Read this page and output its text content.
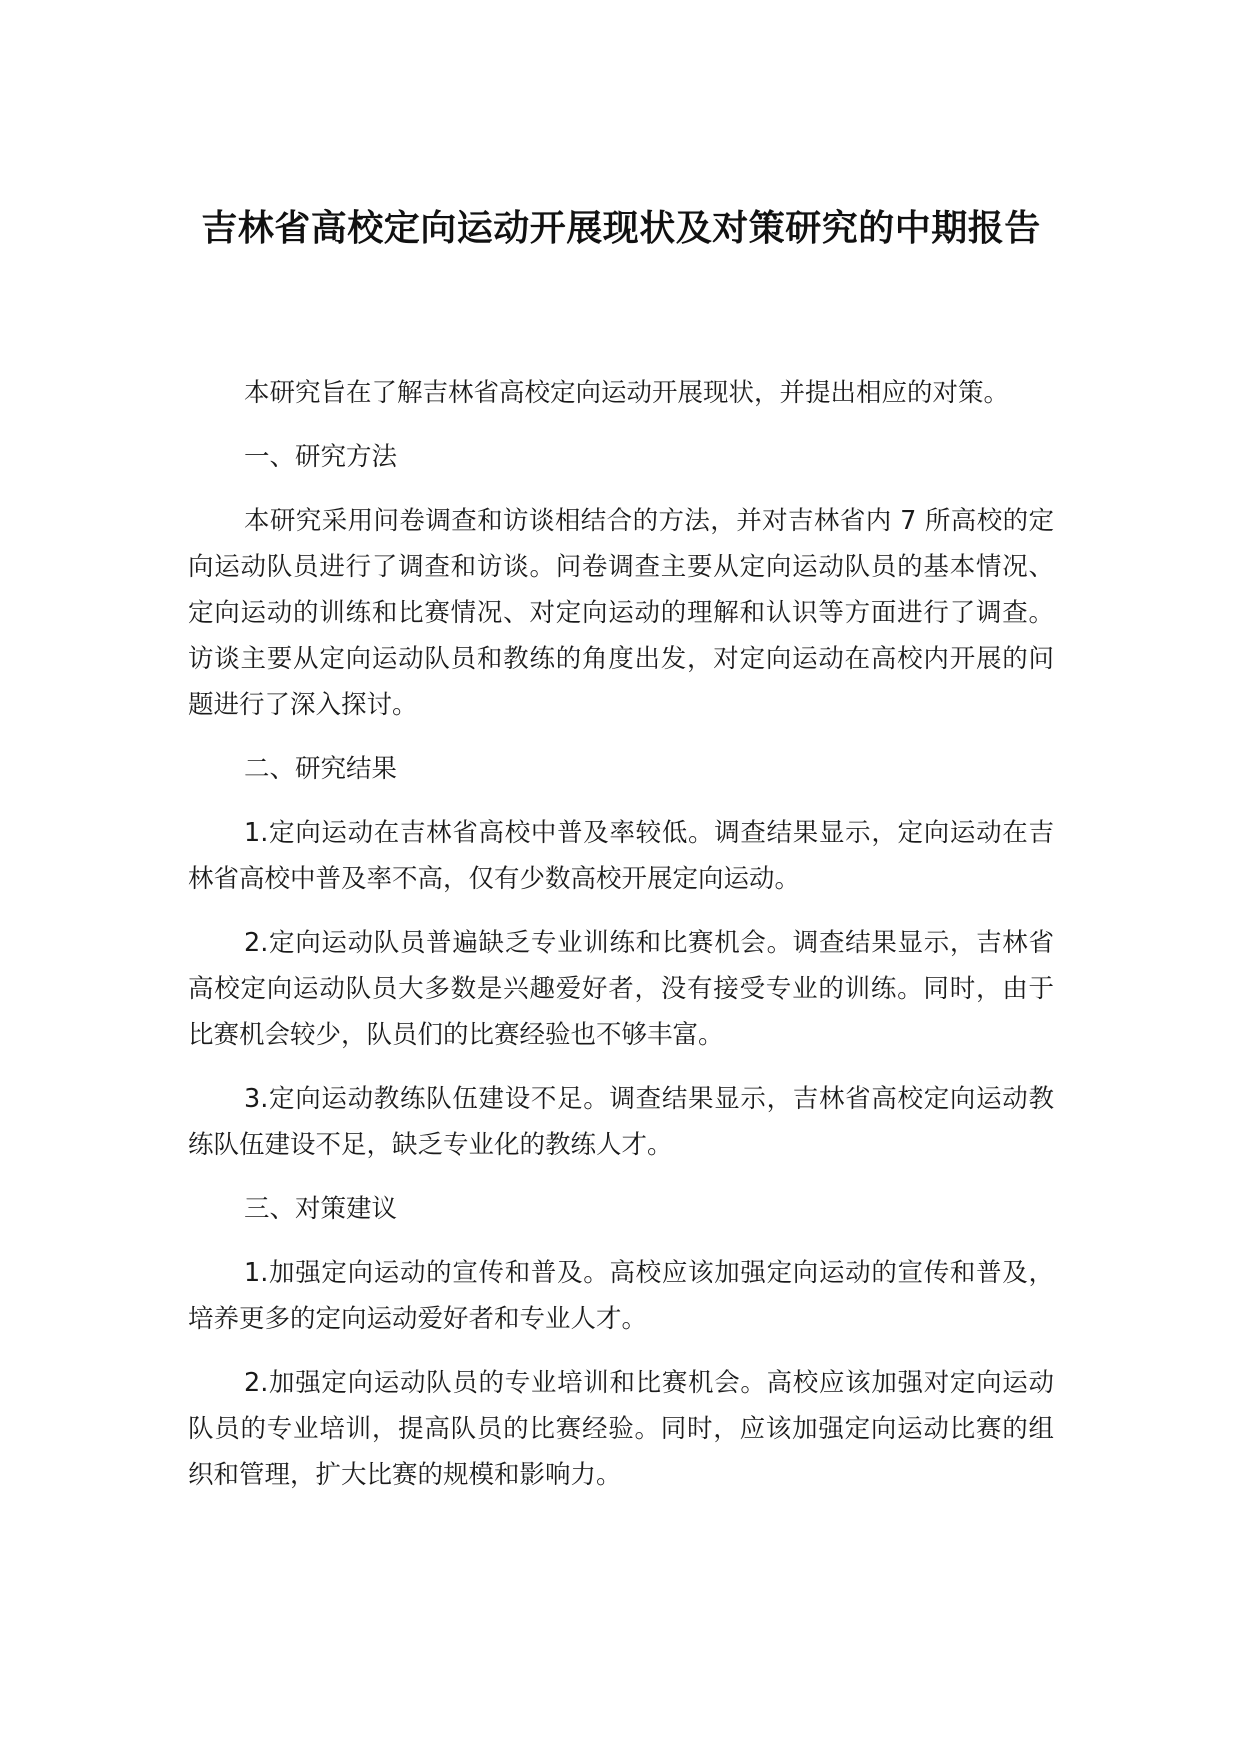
吉林省高校定向运动开展现状及对策研究的中期报告

本研究旨在了解吉林省高校定向运动开展现状，并提出相应的对策。

一、研究方法

本研究采用问卷调查和访谈相结合的方法，并对吉林省内 7 所高校的定向运动队员进行了调查和访谈。问卷调查主要从定向运动队员的基本情况、定向运动的训练和比赛情况、对定向运动的理解和认识等方面进行了调查。访谈主要从定向运动队员和教练的角度出发，对定向运动在高校内开展的问题进行了深入探讨。

二、研究结果

1.定向运动在吉林省高校中普及率较低。调查结果显示，定向运动在吉林省高校中普及率不高，仅有少数高校开展定向运动。

2.定向运动队员普遍缺乏专业训练和比赛机会。调查结果显示，吉林省高校定向运动队员大多数是兴趣爱好者，没有接受专业的训练。同时，由于比赛机会较少，队员们的比赛经验也不够丰富。

3.定向运动教练队伍建设不足。调查结果显示，吉林省高校定向运动教练队伍建设不足，缺乏专业化的教练人才。

三、对策建议

1.加强定向运动的宣传和普及。高校应该加强定向运动的宣传和普及，培养更多的定向运动爱好者和专业人才。

2.加强定向运动队员的专业培训和比赛机会。高校应该加强对定向运动队员的专业培训，提高队员的比赛经验。同时，应该加强定向运动比赛的组织和管理，扩大比赛的规模和影响力。
